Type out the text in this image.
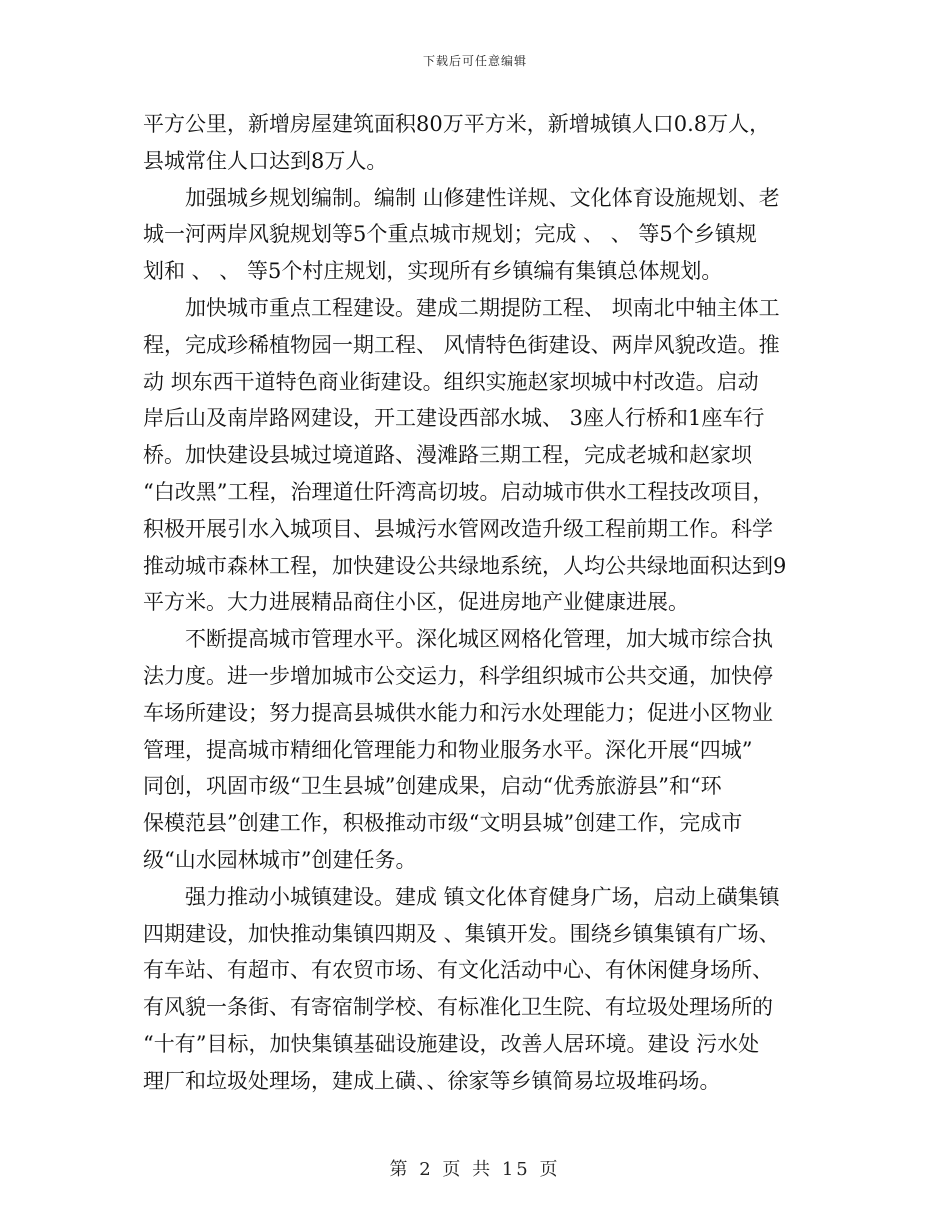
下载后可任意编辑
平方公里，新增房屋建筑面积80万平方米，新增城镇人口0.8万人，
县城常住人口达到8万人。
　　加强城乡规划编制。编制 山修建性详规、文化体育设施规划、老
城一河两岸风貌规划等5个重点城市规划；完成 、 、 等5个乡镇规
划和 、 、 等5个村庄规划，实现所有乡镇编有集镇总体规划。
　　加快城市重点工程建设。建成二期提防工程、 坝南北中轴主体工
程，完成珍稀植物园一期工程、 风情特色街建设、两岸风貌改造。推
动 坝东西干道特色商业街建设。组织实施赵家坝城中村改造。启动
岸后山及南岸路网建设，开工建设西部水城、 3座人行桥和1座车行
桥。加快建设县城过境道路、漫滩路三期工程，完成老城和赵家坝
“白改黑”工程，治理道仕阡湾高切坡。启动城市供水工程技改项目，
积极开展引水入城项目、县城污水管网改造升级工程前期工作。科学
推动城市森林工程，加快建设公共绿地系统，人均公共绿地面积达到9
平方米。大力进展精品商住小区，促进房地产业健康进展。
　　不断提高城市管理水平。深化城区网格化管理，加大城市综合执
法力度。进一步增加城市公交运力，科学组织城市公共交通，加快停
车场所建设；努力提高县城供水能力和污水处理能力；促进小区物业
管理，提高城市精细化管理能力和物业服务水平。深化开展“四城”
同创，巩固市级“卫生县城”创建成果，启动“优秀旅游县”和“环
保模范县”创建工作，积极推动市级“文明县城”创建工作，完成市
级“山水园林城市”创建任务。
　　强力推动小城镇建设。建成 镇文化体育健身广场，启动上磺集镇
四期建设，加快推动集镇四期及 、集镇开发。围绕乡镇集镇有广场、
有车站、有超市、有农贸市场、有文化活动中心、有休闲健身场所、
有风貌一条街、有寄宿制学校、有标准化卫生院、有垃圾处理场所的
“十有”目标，加快集镇基础设施建设，改善人居环境。建设 污水处
理厂和垃圾处理场，建成上磺、、徐家等乡镇简易垃圾堆码场。
第 2 页 共 15 页
